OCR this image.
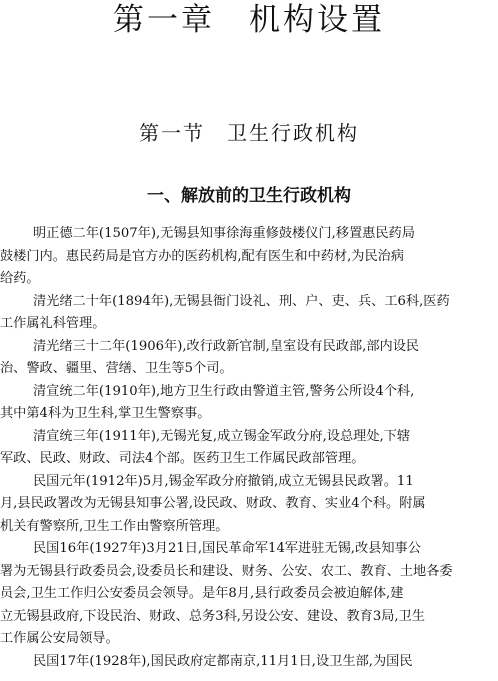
第一章　机构设置
第一节　卫生行政机构
一、解放前的卫生行政机构
明正德二年(1507年),无锡县知事徐海重修鼓楼仪门,移置惠民药局
鼓楼门内。惠民药局是官方办的医药机构,配有医生和中药材,为民治病
给药。
清光绪二十年(1894年),无锡县衙门设礼、刑、户、吏、兵、工6科,医药
工作属礼科管理。
清光绪三十二年(1906年),改行政新官制,皇室设有民政部,部内设民
治、警政、疆里、营缮、卫生等5个司。
清宣统二年(1910年),地方卫生行政由警道主管,警务公所设4个科,
其中第4科为卫生科,掌卫生警察事。
清宣统三年(1911年),无锡光复,成立锡金军政分府,设总理处,下辖
军政、民政、财政、司法4个部。医药卫生工作属民政部管理。
民国元年(1912年)5月,锡金军政分府撤销,成立无锡县民政署。11
月,县民政署改为无锡县知事公署,设民政、财政、教育、实业4个科。附属
机关有警察所,卫生工作由警察所管理。
民国16年(1927年)3月21日,国民革命军14军进驻无锡,改县知事公
署为无锡县行政委员会,设委员长和建设、财务、公安、农工、教育、土地各委
员会,卫生工作归公安委员会领导。是年8月,县行政委员会被迫解体,建
立无锡县政府,下设民治、财政、总务3科,另设公安、建设、教育3局,卫生
工作属公安局领导。
民国17年(1928年),国民政府定都南京,11月1日,设卫生部,为国民
